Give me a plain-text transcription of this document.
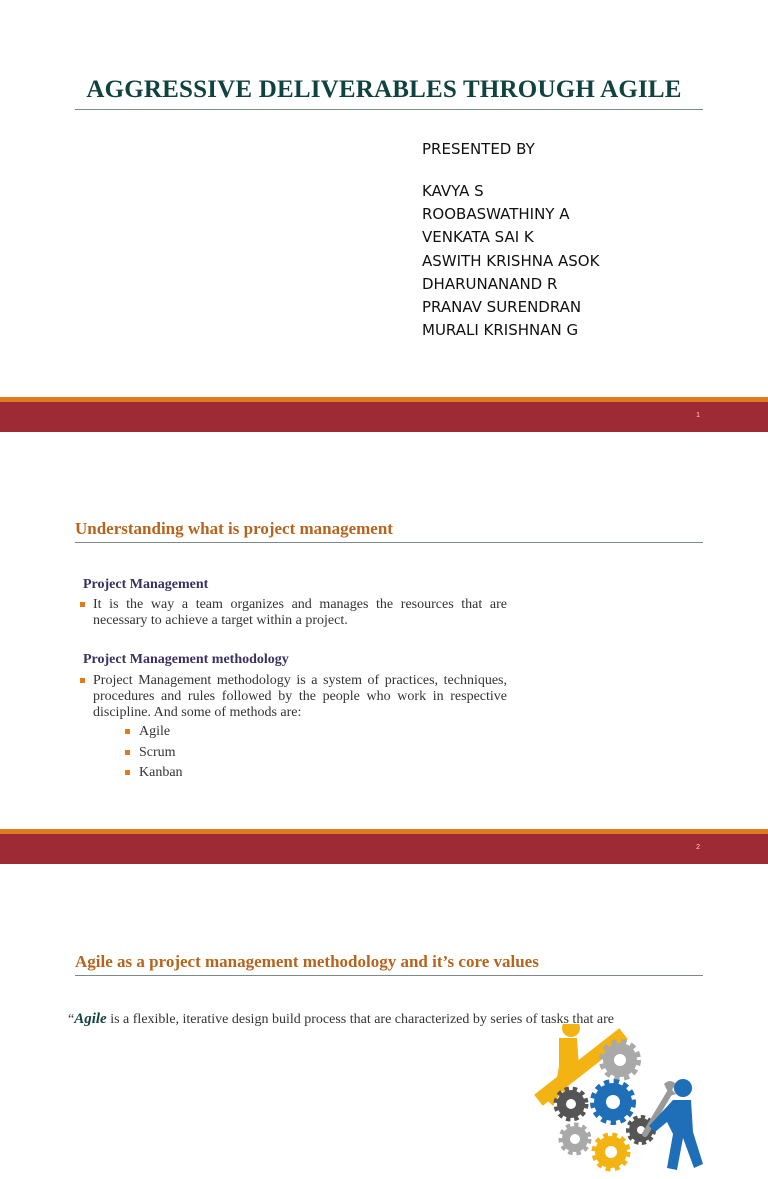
AGGRESSIVE DELIVERABLES THROUGH AGILE
PRESENTED BY
KAVYA S
ROOBASWATHINY A
VENKATA SAI K
ASWITH KRISHNA ASOK
DHARUNANAND R
PRANAV SURENDRAN
MURALI KRISHNAN G
1
Understanding what is project management
Project Management
It is the way a team organizes and manages the resources that are necessary to achieve a target within a project.
Project Management methodology
Project Management methodology is a system of practices, techniques, procedures and rules followed by the people who work in respective discipline. And some of methods are:
Agile
Scrum
Kanban
2
Agile as a project management methodology and it’s core values
“Agile is a flexible, iterative design build process that are characterized by series of tasks that are
